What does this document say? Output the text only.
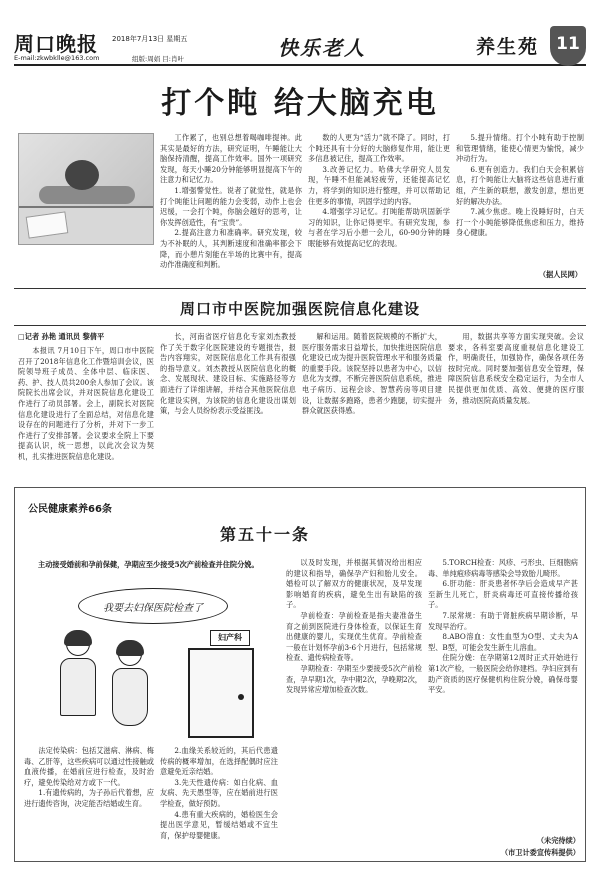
周口晚报 2018年7月13日 星期五
E-mail:zkwbklle@163.com	组版:周娟 目:肖叶	快乐老人	养生苑	11
打个盹 给大脑充电

工作累了，也别总想着喝咖啡提神。此其实是最好的方法，研究证明，午睡能让大脑保持清醒，提高工作效率。国外一项研究发现，每天小睡20分钟能够明显提高下午的注意力和记忆力。

1.增强警觉性。说者了就觉性，就是你打个盹能让问题的能力会变弱，动作上也会迟缓，一会打个盹，你脑会越好的思考，让你发挥创造性，有“宝贵”。

2.提高注意力和准确率。研究发现，较为不补眠的人，其判断速度和准确率都会下降，而小憩片刻能在半场的比赛中有，提高动作准确度和判断。

数的人更为“活力”就不降了。同时，打个盹还具有十分好的大脑修复作用，能让更多信息被记住，提高工作效率。

3.改善记忆力。哈佛大学研究人员发现，午睡不但能减轻疲劳，还能提高记忆力，将学到的知识进行整理，并可以帮助记住更多的事情，巩固学过的内容。

4.增强学习记忆。打盹能帮助巩固新学习的知识，让你记得更牢。有研究发现，参与者在学习后小憩一会儿，60-90分钟的睡眠能够有效提高记忆的表现。

5.提升情绪。打个小盹有助于控制和管理情绪，能使心情更为愉悦，减少冲动行为。

6.更有创造力。我们白天会积累信息，打个盹能让大脑将这些信息进行重组，产生新的联想，激发创意，想出更好的解决办法。

7.减少焦虑。晚上没睡好时，白天打一个小盹能够降低焦虑和压力，维持身心健康。

（据人民网）
周口市中医院加强医院信息化建设
□记者 孙艳 通讯员 黎倩平

本报讯 7月10日下午，周口市中医院召开了2018年信息化工作暨培训会议，医院领导班子成员、全体中层、临床医、药、护、技人员共200余人参加了会议。该院院长出席会议，并对医院信息化建设工作进行了动员部署。会上，副院长对医院信息化建设进行了全面总结，对信息化建设存在的问题进行了分析，并对下一步工作进行了安排部署。会议要求全院上下要提高认识，统一思想，以此次会议为契机，扎实推进医院信息化建设。

长，河南省医疗信息化专家刘杰教授作了关于数字化医院建设的专题报告，报告内容翔实，对医院信息化工作具有很强的指导意义。刘杰教授从医院信息化的概念、发展现状、建设目标、实施路径等方面进行了详细讲解，并结合其他医院信息化建设实例，为该院的信息化建设出谋划策，与会人员纷纷表示受益匪浅。

解和运用。随着医院规模的不断扩大，医疗服务需求日益增长，加快推进医院信息化建设已成为提升医院管理水平和服务质量的重要手段。该院坚持以患者为中心，以信息化为支撑，不断完善医院信息系统，推进电子病历、远程会诊、智慧药房等项目建设，让数据多跑路，患者少跑腿，切实提升群众就医获得感。

用，数据共享等方面实现突破。会议要求，各科室要高度重视信息化建设工作，明确责任，加强协作，确保各项任务按时完成。同时要加强信息安全管理，保障医院信息系统安全稳定运行，为全市人民提供更加优质、高效、便捷的医疗服务，推动医院高质量发展。

公民健康素养66条
第五十一条
主动接受婚前和孕前保健，孕期应至少接受5次产前检查并住院分娩。
我要去妇保医院检查了
妇产科

法定传染病：包括艾滋病、淋病、梅毒、乙肝等，这些疾病可以通过性接触或血液传播，在婚前应进行检查，及时治疗，避免传染给对方或下一代。

1.有遗传病的，为子孙后代着想，应进行遗传咨询，决定能否结婚或生育。

2.血缘关系较近的，其后代患遗传病的概率增加，在选择配偶时应注意避免近亲结婚。

3.先天性遗传病：如白化病、血友病、先天愚型等，应在婚前进行医学检查，做好预防。

4.患有重大疾病的，婚检医生会提出医学意见，暂缓结婚或不宜生育，保护母婴健康。

以及时发现，并根据其情况给出相应的建议和指导，确保孕产妇和胎儿安全。婚检可以了解双方的健康状况，及早发现影响婚育的疾病，避免生出有缺陷的孩子。

孕前检查：孕前检查是指夫妻准备生育之前到医院进行身体检查，以保证生育出健康的婴儿，实现优生优育。孕前检查一般在计划怀孕前3-6个月进行，包括常规检查、遗传病检查等。

孕期检查：孕期至少要接受5次产前检查，孕早期1次，孕中期2次，孕晚期2次，发现异常应增加检查次数。

5.TORCH检查：风疹、弓形虫、巨细胞病毒、单纯疱疹病毒等感染会导致胎儿畸形。

6.肝功能：肝炎患者怀孕后会造成早产甚至新生儿死亡，肝炎病毒还可直接传播给孩子。

7.尿常规：有助于肾脏疾病早期诊断，早发现早治疗。

8.ABO溶血：女性血型为O型、丈夫为A型、B型，可能会发生新生儿溶血。

住院分娩：在孕期第12周时正式开始进行第1次产检，一般医院会给你建档。孕妇应到有助产资质的医疗保健机构住院分娩，确保母婴平安。

（未完待续）
（市卫计委宣传科提供）
